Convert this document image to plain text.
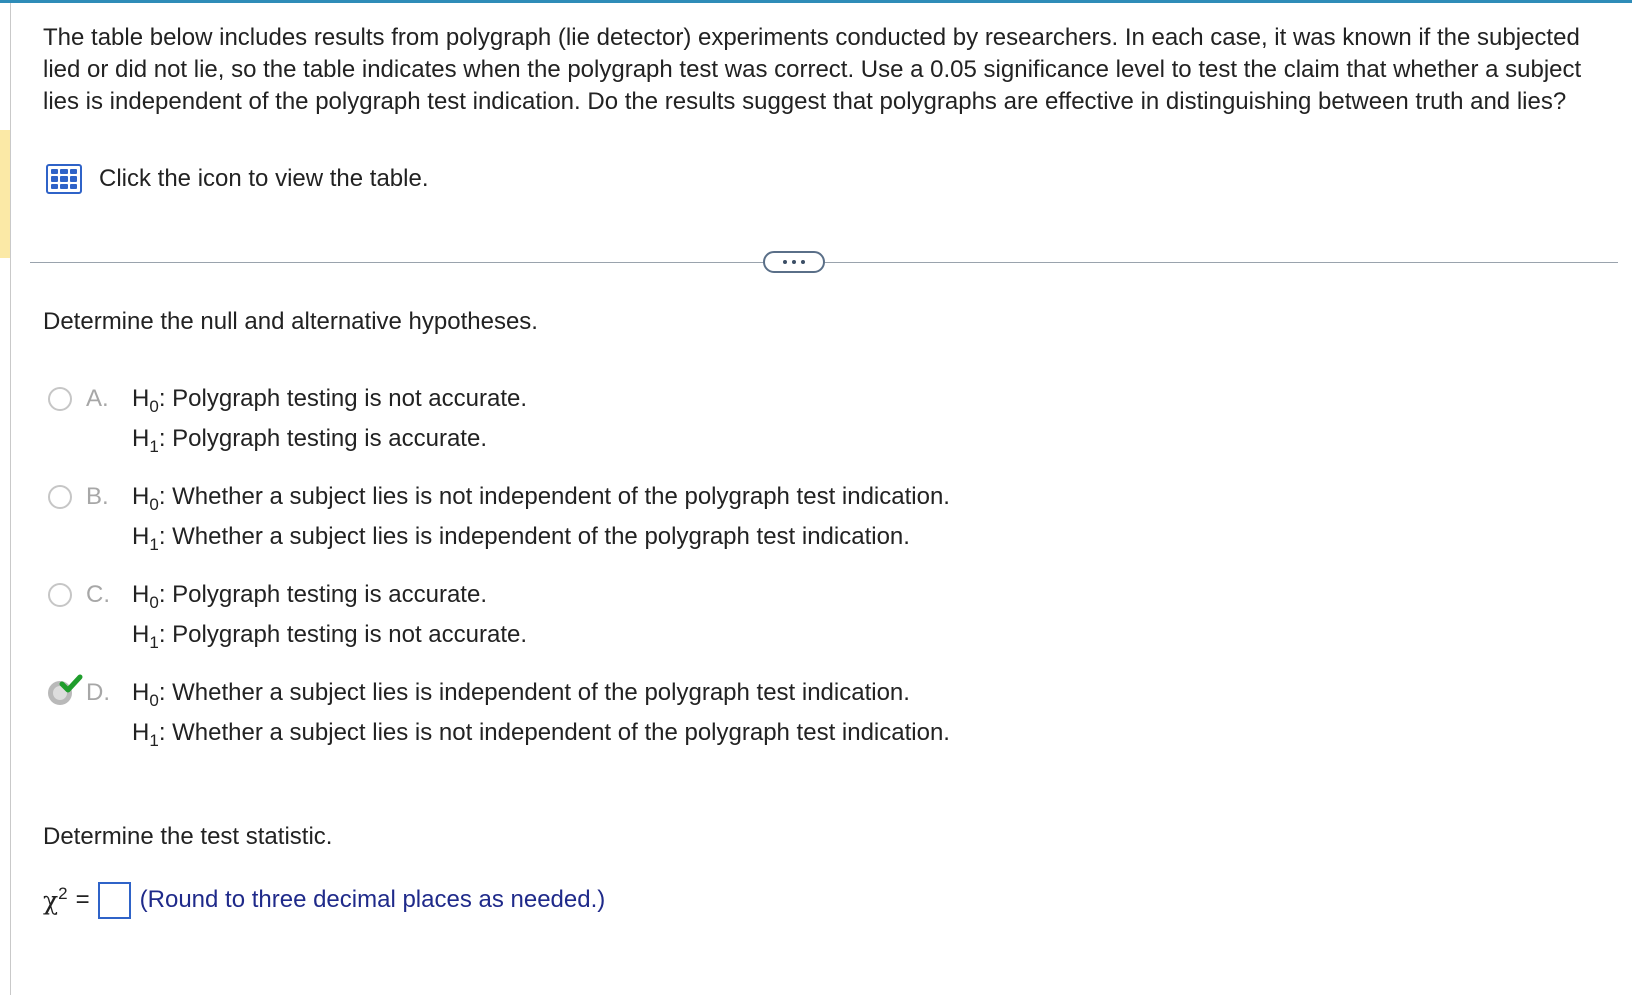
The table below includes results from polygraph (lie detector) experiments conducted by researchers. In each case, it was known if the subjected lied or did not lie, so the table indicates when the polygraph test was correct. Use a 0.05 significance level to test the claim that whether a subject lies is independent of the polygraph test indication. Do the results suggest that polygraphs are effective in distinguishing between truth and lies?
Click the icon to view the table.
Determine the null and alternative hypotheses.
A. $H_0$: Polygraph testing is not accurate.
$H_1$: Polygraph testing is accurate.
B. $H_0$: Whether a subject lies is not independent of the polygraph test indication.
$H_1$: Whether a subject lies is independent of the polygraph test indication.
C. $H_0$: Polygraph testing is accurate.
$H_1$: Polygraph testing is not accurate.
D. $H_0$: Whether a subject lies is independent of the polygraph test indication.
$H_1$: Whether a subject lies is not independent of the polygraph test indication.
Determine the test statistic.
$\chi^2$ = (Round to three decimal places as needed.)
